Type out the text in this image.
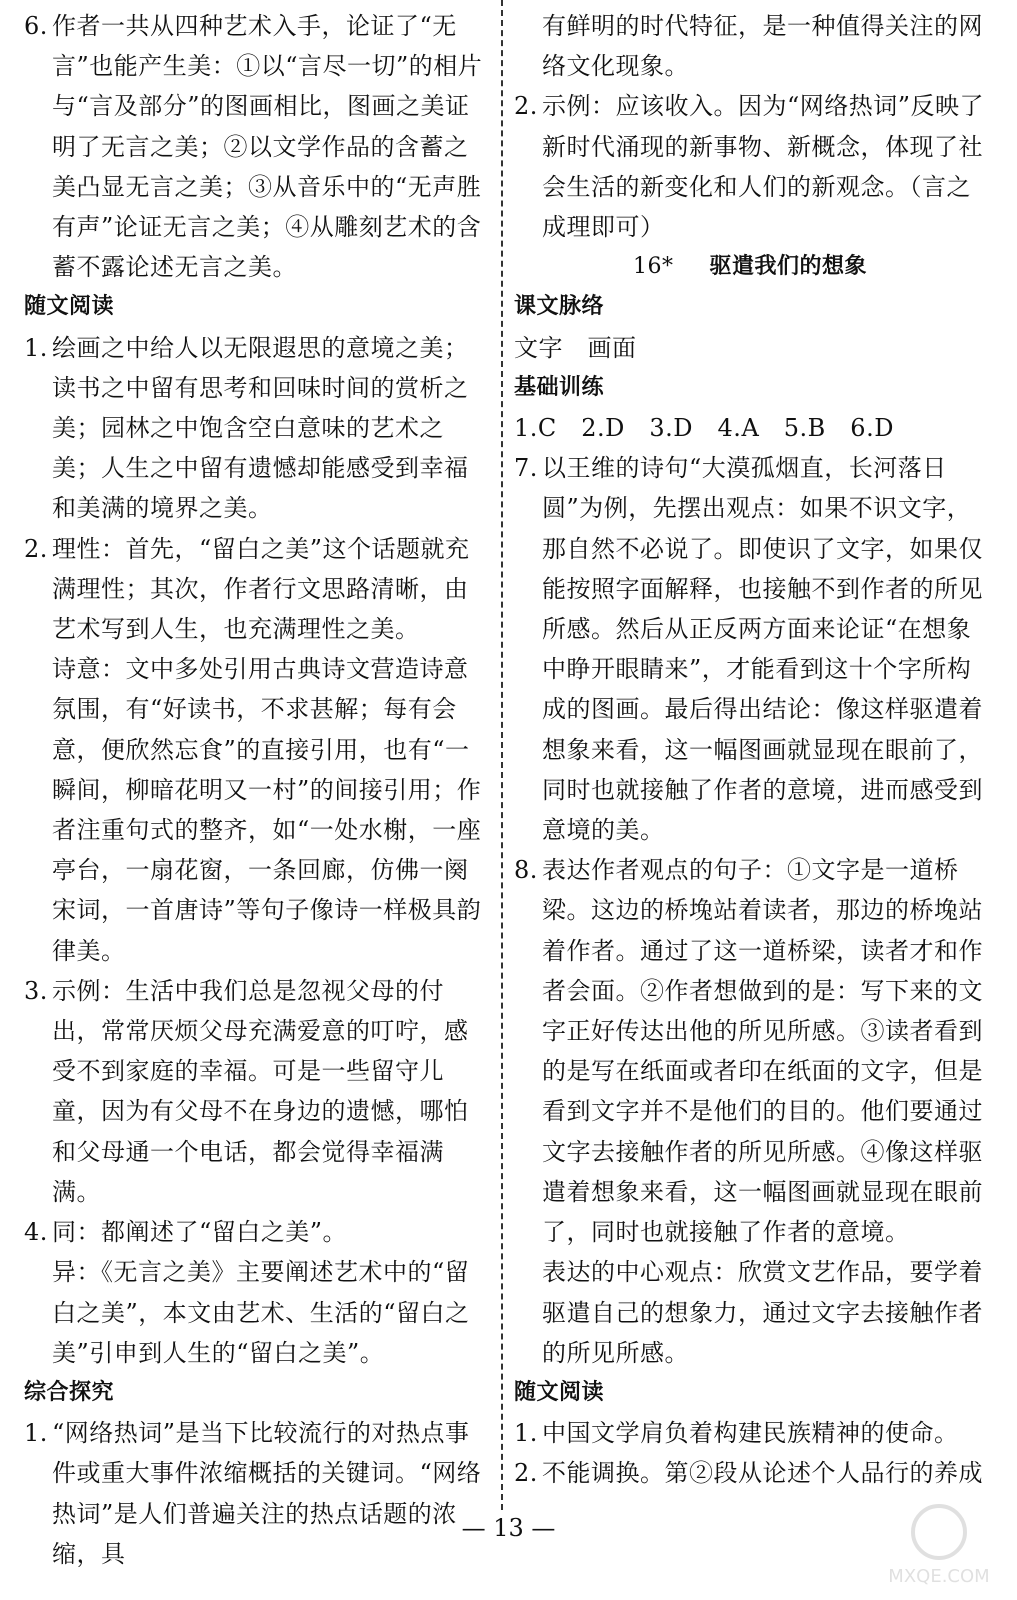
6. 作者一共从四种艺术入手，论证了“无言”也能产生美：①以“言尽一切”的相片与“言及部分”的图画相比，图画之美证明了无言之美；②以文学作品的含蓄之美凸显无言之美；③从音乐中的“无声胜有声”论证无言之美；④从雕刻艺术的含蓄不露论述无言之美。
随文阅读
1. 绘画之中给人以无限遐思的意境之美；读书之中留有思考和回味时间的赏析之美；园林之中饱含空白意味的艺术之美；人生之中留有遗憾却能感受到幸福和美满的境界之美。
2. 理性：首先，“留白之美”这个话题就充满理性；其次，作者行文思路清晰，由艺术写到人生，也充满理性之美。
诗意：文中多处引用古典诗文营造诗意氛围，有“好读书，不求甚解；每有会意，便欣然忘食”的直接引用，也有“一瞬间，柳暗花明又一村”的间接引用；作者注重句式的整齐，如“一处水榭，一座亭台，一扇花窗，一条回廊，仿佛一阕宋词，一首唐诗”等句子像诗一样极具韵律美。
3. 示例：生活中我们总是忽视父母的付出，常常厌烦父母充满爱意的叮咛，感受不到家庭的幸福。可是一些留守儿童，因为有父母不在身边的遗憾，哪怕和父母通一个电话，都会觉得幸福满满。
4. 同：都阐述了“留白之美”。
异：《无言之美》主要阐述艺术中的“留白之美”，本文由艺术、生活的“留白之美”引申到人生的“留白之美”。
综合探究
1. “网络热词”是当下比较流行的对热点事件或重大事件浓缩概括的关键词。“网络热词”是人们普遍关注的热点话题的浓缩，具
有鲜明的时代特征，是一种值得关注的网络文化现象。
2. 示例：应该收入。因为“网络热词”反映了新时代涌现的新事物、新概念，体现了社会生活的新变化和人们的新观念。（言之成理即可）
16* 驱遣我们的想象
课文脉络
文字　画面
基础训练
1.C　2.D　3.D　4.A　5.B　6.D
7. 以王维的诗句“大漠孤烟直，长河落日圆”为例，先摆出观点：如果不识文字，那自然不必说了。即使识了文字，如果仅能按照字面解释，也接触不到作者的所见所感。然后从正反两方面来论证“在想象中睁开眼睛来”，才能看到这十个字所构成的图画。最后得出结论：像这样驱遣着想象来看，这一幅图画就显现在眼前了，同时也就接触了作者的意境，进而感受到意境的美。
8. 表达作者观点的句子：①文字是一道桥梁。这边的桥堍站着读者，那边的桥堍站着作者。通过了这一道桥梁，读者才和作者会面。②作者想做到的是：写下来的文字正好传达出他的所见所感。③读者看到的是写在纸面或者印在纸面的文字，但是看到文字并不是他们的目的。他们要通过文字去接触作者的所见所感。④像这样驱遣着想象来看，这一幅图画就显现在眼前了，同时也就接触了作者的意境。
表达的中心观点：欣赏文艺作品，要学着驱遣自己的想象力，通过文字去接触作者的所见所感。
随文阅读
1. 中国文学肩负着构建民族精神的使命。
2. 不能调换。第②段从论述个人品行的养成
— 13 —
MXQE.COM
